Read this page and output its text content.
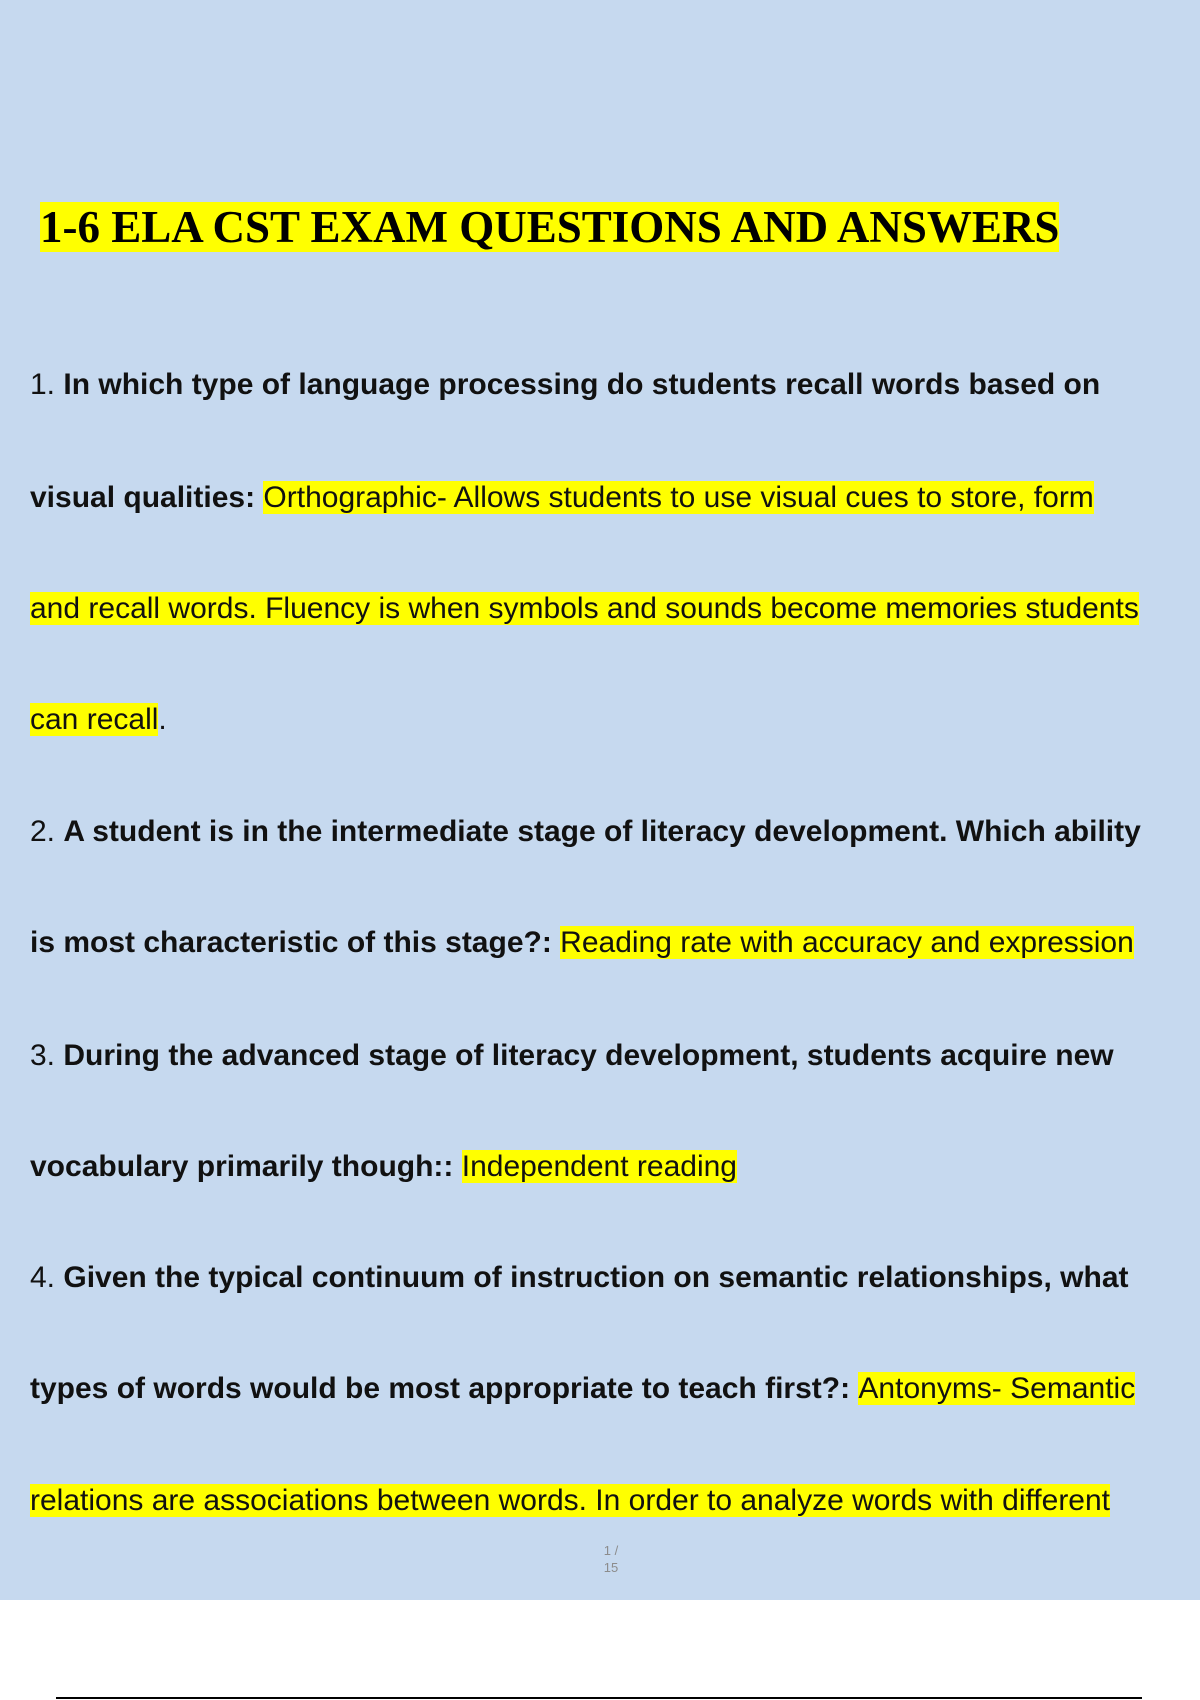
1-6 ELA CST EXAM QUESTIONS AND ANSWERS
1. In which type of language processing do students recall words based on
visual qualities: Orthographic- Allows students to use visual cues to store, form
and recall words. Fluency is when symbols and sounds become memories students
can recall.
2. A student is in the intermediate stage of literacy development. Which ability
is most characteristic of this stage?: Reading rate with accuracy and expression
3. During the advanced stage of literacy development, students acquire new
vocabulary primarily though:: Independent reading
4. Given the typical continuum of instruction on semantic relationships, what
types of words would be most appropriate to teach first?: Antonyms- Semantic
relations are associations between words. In order to analyze words with different
1 /
15
